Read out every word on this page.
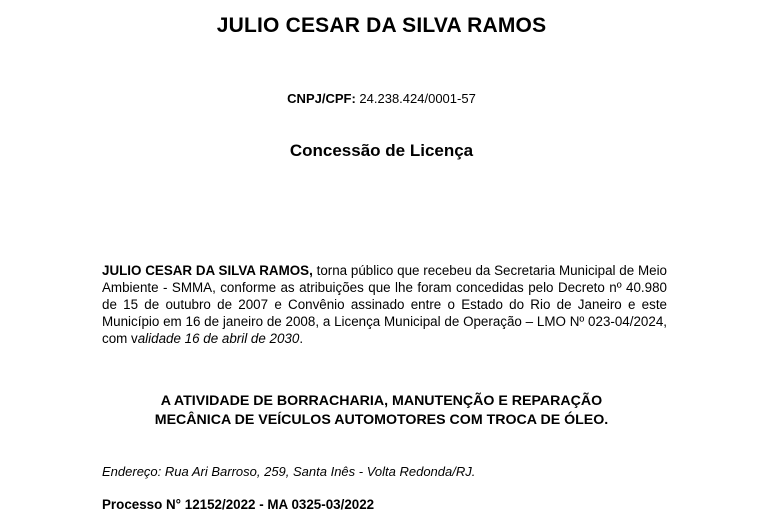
JULIO CESAR DA SILVA RAMOS
CNPJ/CPF: 24.238.424/0001-57
Concessão de Licença
JULIO CESAR DA SILVA RAMOS, torna público que recebeu da Secretaria Municipal de Meio Ambiente - SMMA, conforme as atribuições que lhe foram concedidas pelo Decreto nº 40.980 de 15 de outubro de 2007 e Convênio assinado entre o Estado do Rio de Janeiro e este Município em 16 de janeiro de 2008, a Licença Municipal de Operação – LMO Nº 023-04/2024, com validade 16 de abril de 2030.
A ATIVIDADE DE BORRACHARIA, MANUTENÇÃO E REPARAÇÃO
MECÂNICA DE VEÍCULOS AUTOMOTORES COM TROCA DE ÓLEO.
Endereço: Rua Ari Barroso, 259, Santa Inês - Volta Redonda/RJ.
Processo N° 12152/2022 - MA 0325-03/2022
